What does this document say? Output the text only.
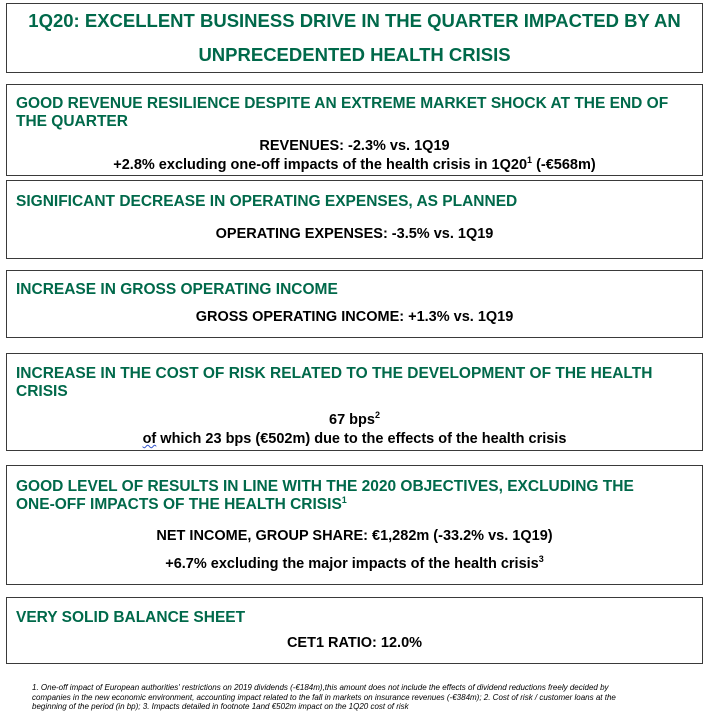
1Q20: EXCELLENT BUSINESS DRIVE IN THE QUARTER IMPACTED BY AN
UNPRECEDENTED HEALTH CRISIS
GOOD REVENUE RESILIENCE DESPITE AN EXTREME MARKET SHOCK AT THE END OF
THE QUARTER
REVENUES: -2.3% vs. 1Q19
+2.8% excluding one-off impacts of the health crisis in $1Q20^1$ (-€568m)
SIGNIFICANT DECREASE IN OPERATING EXPENSES, AS PLANNED
OPERATING EXPENSES: -3.5% vs. 1Q19
INCREASE IN GROSS OPERATING INCOME
GROSS OPERATING INCOME: +1.3% vs. 1Q19
INCREASE IN THE COST OF RISK RELATED TO THE DEVELOPMENT OF THE HEALTH
CRISIS
67 bps$^2$
of which 23 bps (€502m) due to the effects of the health crisis
GOOD LEVEL OF RESULTS IN LINE WITH THE 2020 OBJECTIVES, EXCLUDING THE
ONE-OFF IMPACTS OF THE HEALTH CRISIS$^1$
NET INCOME, GROUP SHARE: €1,282m (-33.2% vs. 1Q19)
+6.7% excluding the major impacts of the health crisis$^3$
VERY SOLID BALANCE SHEET
CET1 RATIO: 12.0%
1. One-off impact of European authorities' restrictions on 2019 dividends (-€184m),this amount does not include the effects of dividend reductions freely decided by
companies in the new economic environment, accounting impact related to the fall in markets on insurance revenues (-€384m); 2. Cost of risk / customer loans at the
beginning of the period (in bp); 3. Impacts detailed in footnote 1and €502m impact on the 1Q20 cost of risk
